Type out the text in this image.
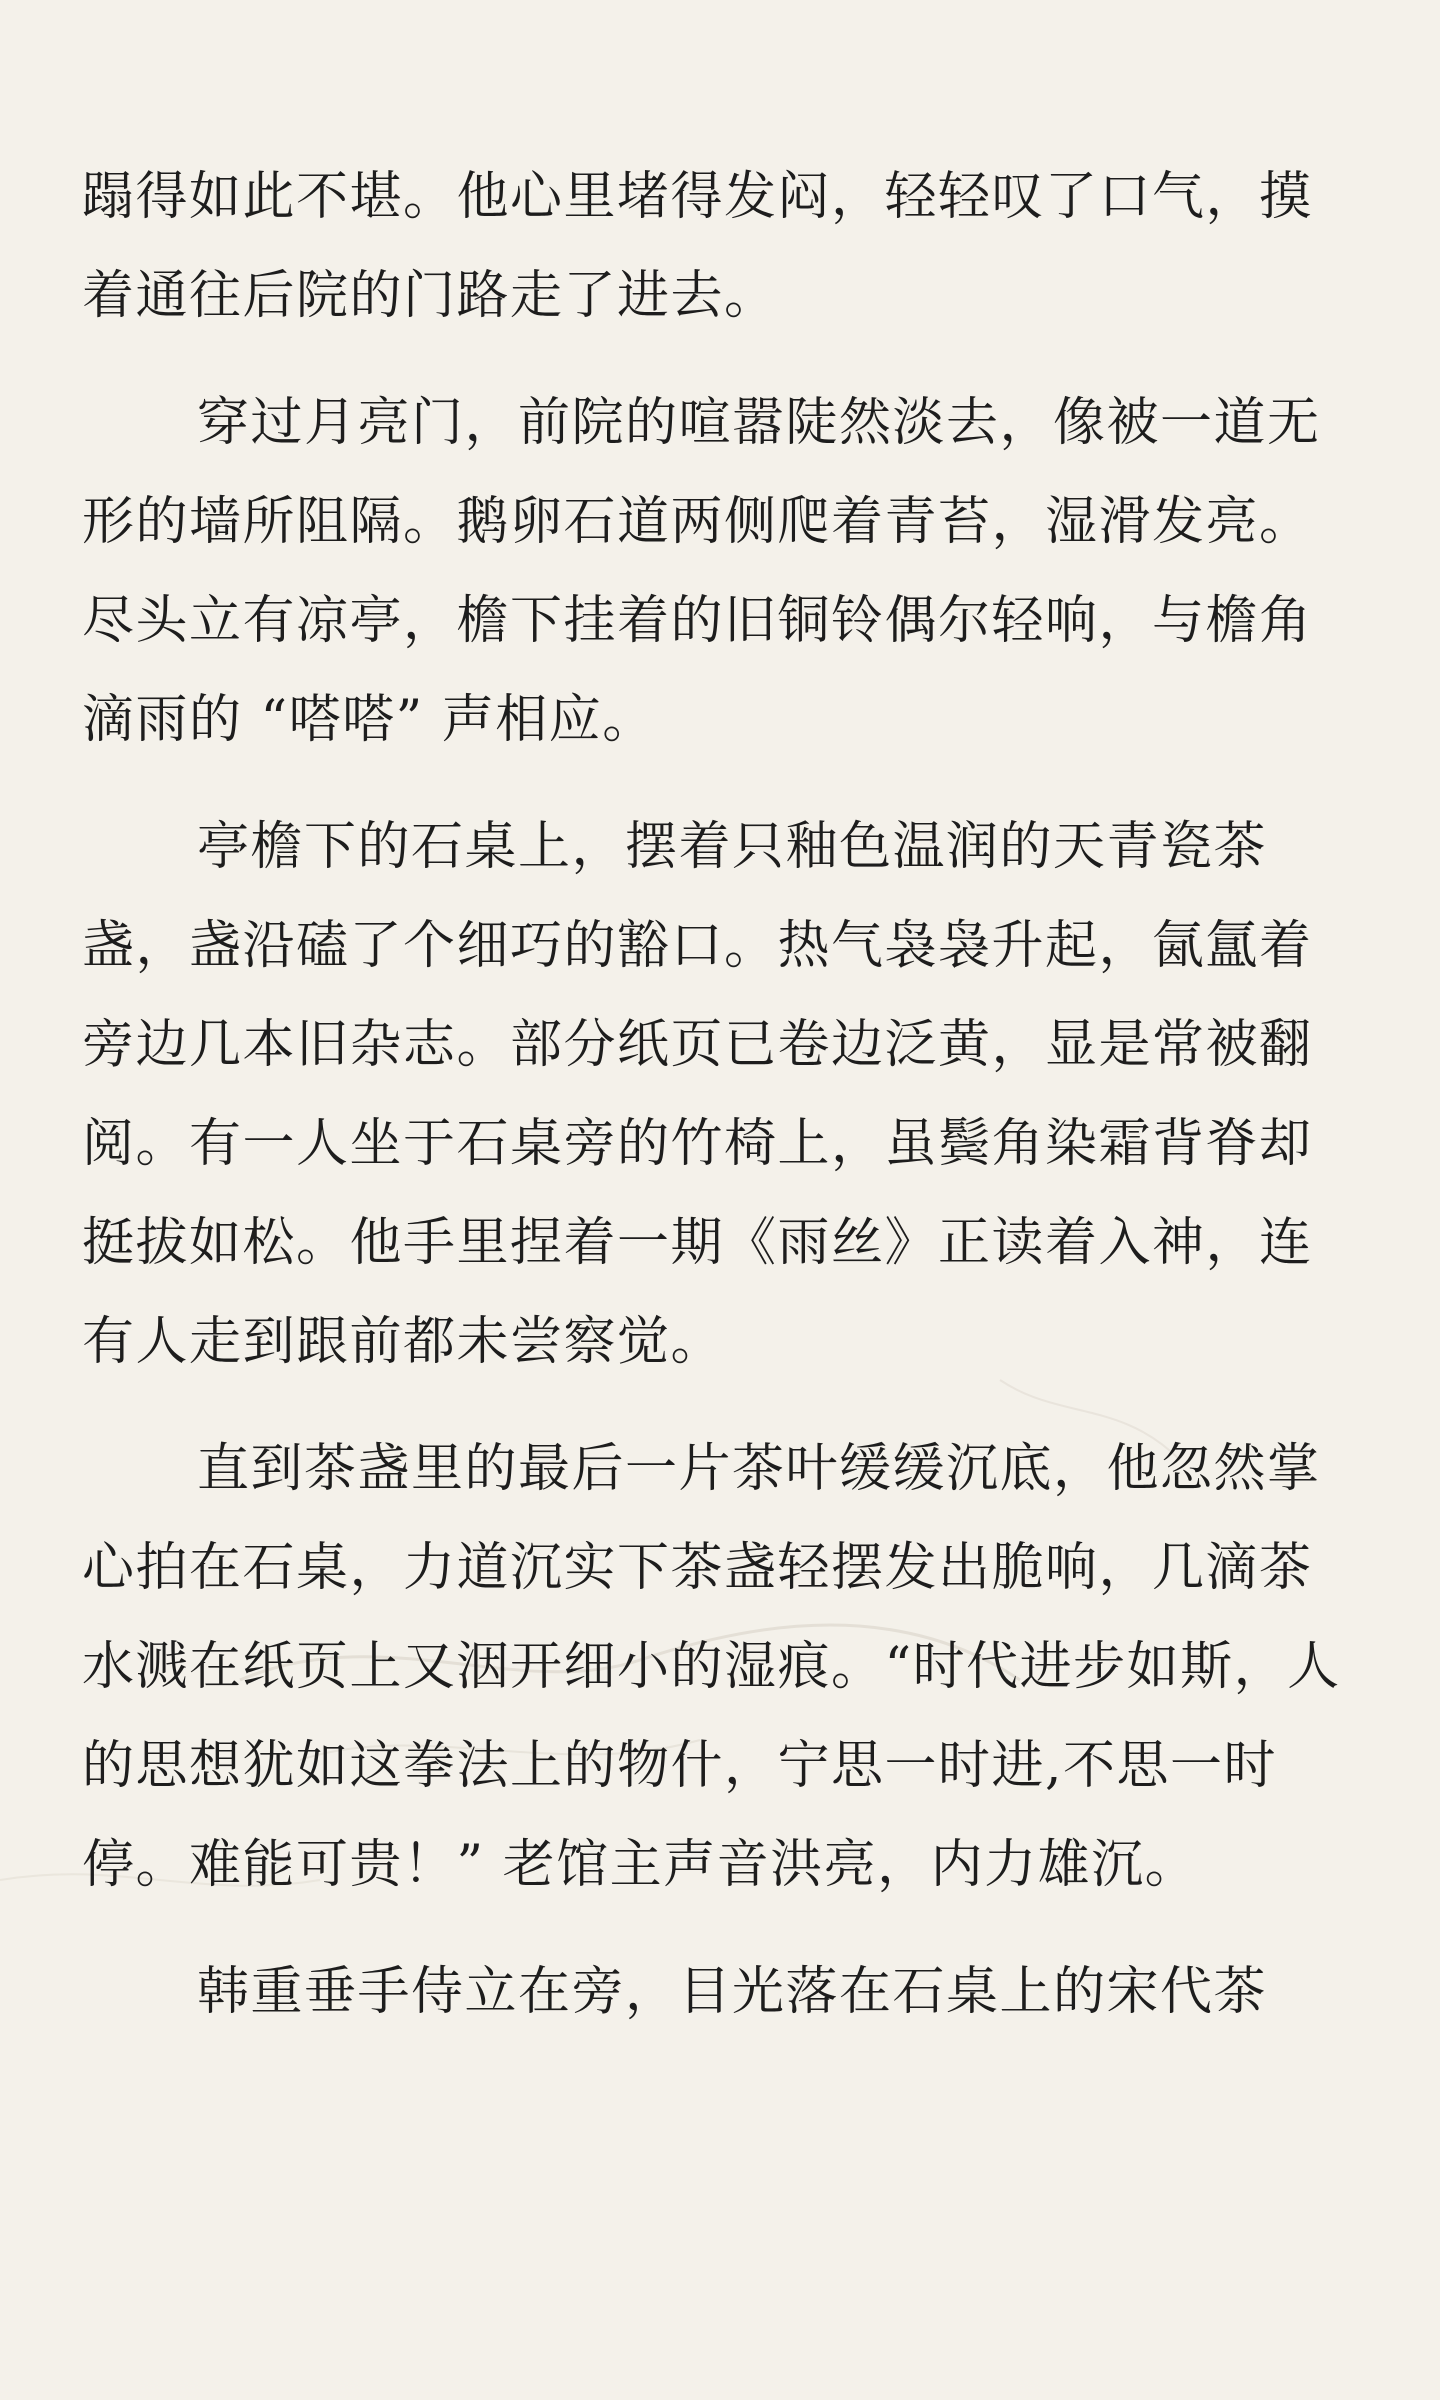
蹋得如此不堪。他心里堵得发闷，轻轻叹了口气，摸着通往后院的门路走了进去。

穿过月亮门，前院的喧嚣陡然淡去，像被一道无形的墙所阻隔。鹅卵石道两侧爬着青苔，湿滑发亮。尽头立有凉亭，檐下挂着的旧铜铃偶尔轻响，与檐角滴雨的 “嗒嗒” 声相应。

亭檐下的石桌上，摆着只釉色温润的天青瓷茶盏，盏沿磕了个细巧的豁口。热气袅袅升起，氤氲着旁边几本旧杂志。部分纸页已卷边泛黄，显是常被翻阅。有一人坐于石桌旁的竹椅上，虽鬓角染霜背脊却挺拔如松。他手里捏着一期《雨丝》正读着入神，连有人走到跟前都未尝察觉。

直到茶盏里的最后一片茶叶缓缓沉底，他忽然掌心拍在石桌，力道沉实下茶盏轻摆发出脆响，几滴茶水溅在纸页上又洇开细小的湿痕。“时代进步如斯，人的思想犹如这拳法上的物什，宁思一时进,不思一时停。难能可贵！” 老馆主声音洪亮，内力雄沉。

韩重垂手侍立在旁，目光落在石桌上的宋代茶
